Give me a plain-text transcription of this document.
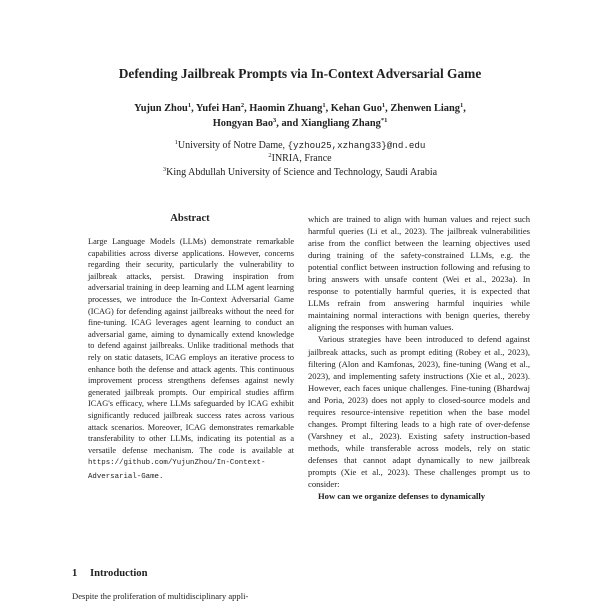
Defending Jailbreak Prompts via In-Context Adversarial Game
Yujun Zhou$^1$, Yufei Han$^2$, Haomin Zhuang$^1$, Kehan Guo$^1$, Zhenwen Liang$^1$,
Hongyan Bao$^3$, and Xiangliang Zhang$^{*1}$
$^1$University of Notre Dame, {yzhou25,xzhang33}@nd.edu
$^2$INRIA, France
$^3$King Abdullah University of Science and Technology, Saudi Arabia
Abstract

Large Language Models (LLMs) demonstrate remarkable capabilities across diverse applications. However, concerns regarding their security, particularly the vulnerability to jailbreak attacks, persist. Drawing inspiration from adversarial training in deep learning and LLM agent learning processes, we introduce the In-Context Adversarial Game (ICAG) for defending against jailbreaks without the need for fine-tuning. ICAG leverages agent learning to conduct an adversarial game, aiming to dynamically extend knowledge to defend against jailbreaks. Unlike traditional methods that rely on static datasets, ICAG employs an iterative process to enhance both the defense and attack agents. This continuous improvement process strengthens defenses against newly generated jailbreak prompts. Our empirical studies affirm ICAG's efficacy, where LLMs safeguarded by ICAG exhibit significantly reduced jailbreak success rates across various attack scenarios. Moreover, ICAG demonstrates remarkable transferability to other LLMs, indicating its potential as a versatile defense mechanism. The code is available at https://github.com/YujunZhou/In-Context-Adversarial-Game.

1 Introduction

Despite the proliferation of multidisciplinary appli-

which are trained to align with human values and reject such harmful queries (Li et al., 2023). The jailbreak vulnerabilities arise from the conflict between the learning objectives used during training of the safety-constrained LLMs, e.g. the potential conflict between instruction following and refusing to bring answers with unsafe content (Wei et al., 2023a). In response to potentially harmful queries, it is expected that LLMs refrain from answering harmful inquiries while maintaining normal interactions with benign queries, thereby aligning the responses with human values.

Various strategies have been introduced to defend against jailbreak attacks, such as prompt editing (Robey et al., 2023), filtering (Alon and Kamfonas, 2023), fine-tuning (Wang et al., 2023), and implementing safety instructions (Xie et al., 2023). However, each faces unique challenges. Fine-tuning (Bhardwaj and Poria, 2023) does not apply to closed-source models and requires resource-intensive repetition when the base model changes. Prompt filtering leads to a high rate of over-defense (Varshney et al., 2023). Existing safety instruction-based methods, while transferable across models, rely on static defenses that cannot adapt dynamically to new jailbreak prompts (Xie et al., 2023). These challenges prompt us to consider:

How can we organize defenses to dynamically
